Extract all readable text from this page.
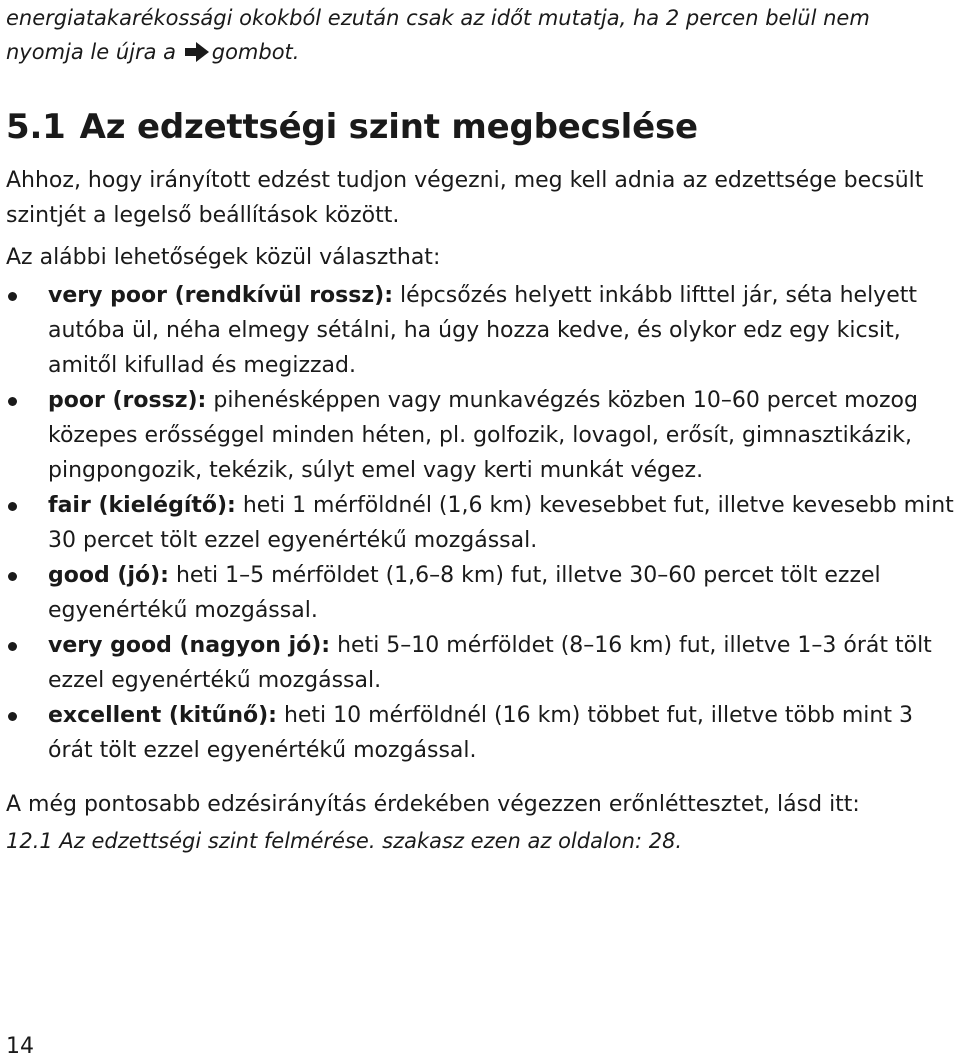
energiatakarékossági okokból ezután csak az időt mutatja, ha 2 percen belül nem
nyomja le újra a gombot.

5.1 Az edzettségi szint megbecslése

Ahhoz, hogy irányított edzést tudjon végezni, meg kell adnia az edzettsége becsült szintjét a legelső beállítások között.

Az alábbi lehetőségek közül választhat:

very poor (rendkívül rossz): lépcsőzés helyett inkább lifttel jár, séta helyett autóba ül, néha elmegy sétálni, ha úgy hozza kedve, és olykor edz egy kicsit, amitől kifullad és megizzad.
poor (rossz): pihenésképpen vagy munkavégzés közben 10–60 percet mozog közepes erősséggel minden héten, pl. golfozik, lovagol, erősít, gimnasztikázik, pingpongozik, tekézik, súlyt emel vagy kerti munkát végez.
fair (kielégítő): heti 1 mérföldnél (1,6 km) kevesebbet fut, illetve kevesebb mint 30 percet tölt ezzel egyenértékű mozgással.
good (jó): heti 1–5 mérföldet (1,6–8 km) fut, illetve 30–60 percet tölt ezzel egyenértékű mozgással.
very good (nagyon jó): heti 5–10 mérföldet (8–16 km) fut, illetve 1–3 órát tölt ezzel egyenértékű mozgással.
excellent (kitűnő): heti 10 mérföldnél (16 km) többet fut, illetve több mint 3 órát tölt ezzel egyenértékű mozgással.

A még pontosabb edzésirányítás érdekében végezzen erőnléttesztet, lásd itt:

12.1 Az edzettségi szint felmérése. szakasz ezen az oldalon: 28.

14
